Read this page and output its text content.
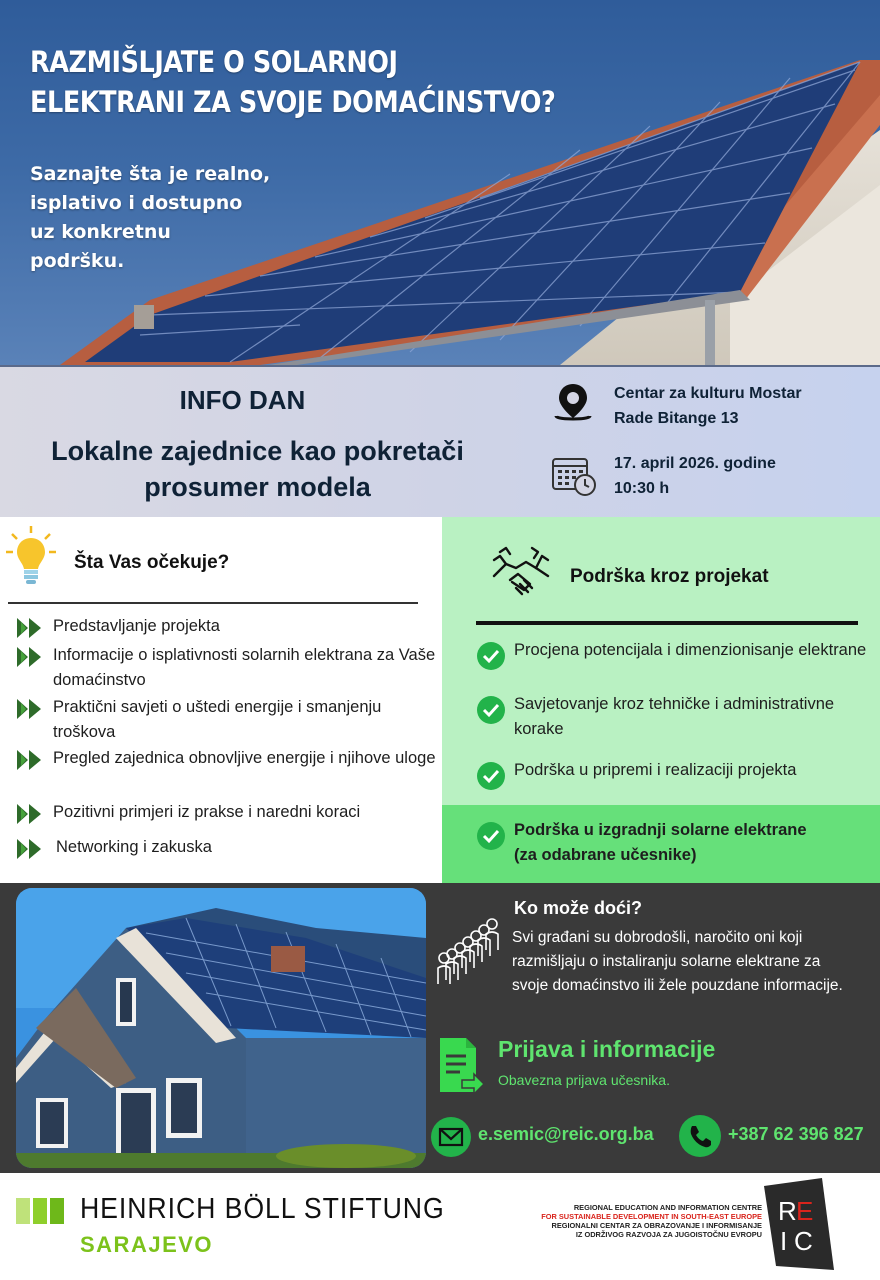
RAZMIŠLJATE O SOLARNOJ ELEKTRANI ZA SVOJE DOMAĆINSTVO?
Saznajte šta je realno,
isplativo i dostupno
uz konkretnu
podršku.
INFO DAN
Lokalne zajednice kao pokretači prosumer modela
Centar za kulturu Mostar
Rade Bitange 13
17. april 2026. godine
10:30 h
Šta Vas očekuje?
Predstavljanje projekta
Informacije o isplativnosti solarnih elektrana za Vaše domaćinstvo
Praktični savjeti o uštedi energije i smanjenju troškova
Pregled zajednica obnovljive energije i njihove uloge
Pozitivni primjeri iz prakse i naredni koraci
Networking i zakuska
Podrška kroz projekat
Procjena potencijala i dimenzionisanje elektrane
Savjetovanje kroz tehničke i administrativne korake
Podrška u pripremi i realizaciji projekta
Podrška u izgradnji solarne elektrane (za odabrane učesnike)
Ko može doći?
Svi građani su dobrodošli, naročito oni koji
razmišljaju o instaliranju solarne elektrane za
svoje domaćinstvo ili žele pouzdane informacije.
Prijava i informacije
Obavezna prijava učesnika.
e.semic@reic.org.ba	+387 62 396 827
HEINRICH BÖLL STIFTUNG
SARAJEVO
REGIONAL EDUCATION AND INFORMATION CENTRE
FOR SUSTAINABLE DEVELOPMENT IN SOUTH-EAST EUROPE
REGIONALNI CENTAR ZA OBRAZOVANJE I INFORMISANJE
IZ ODRŽIVOG RAZVOJA ZA JUGOISTOČNU EVROPU
R E
I C
